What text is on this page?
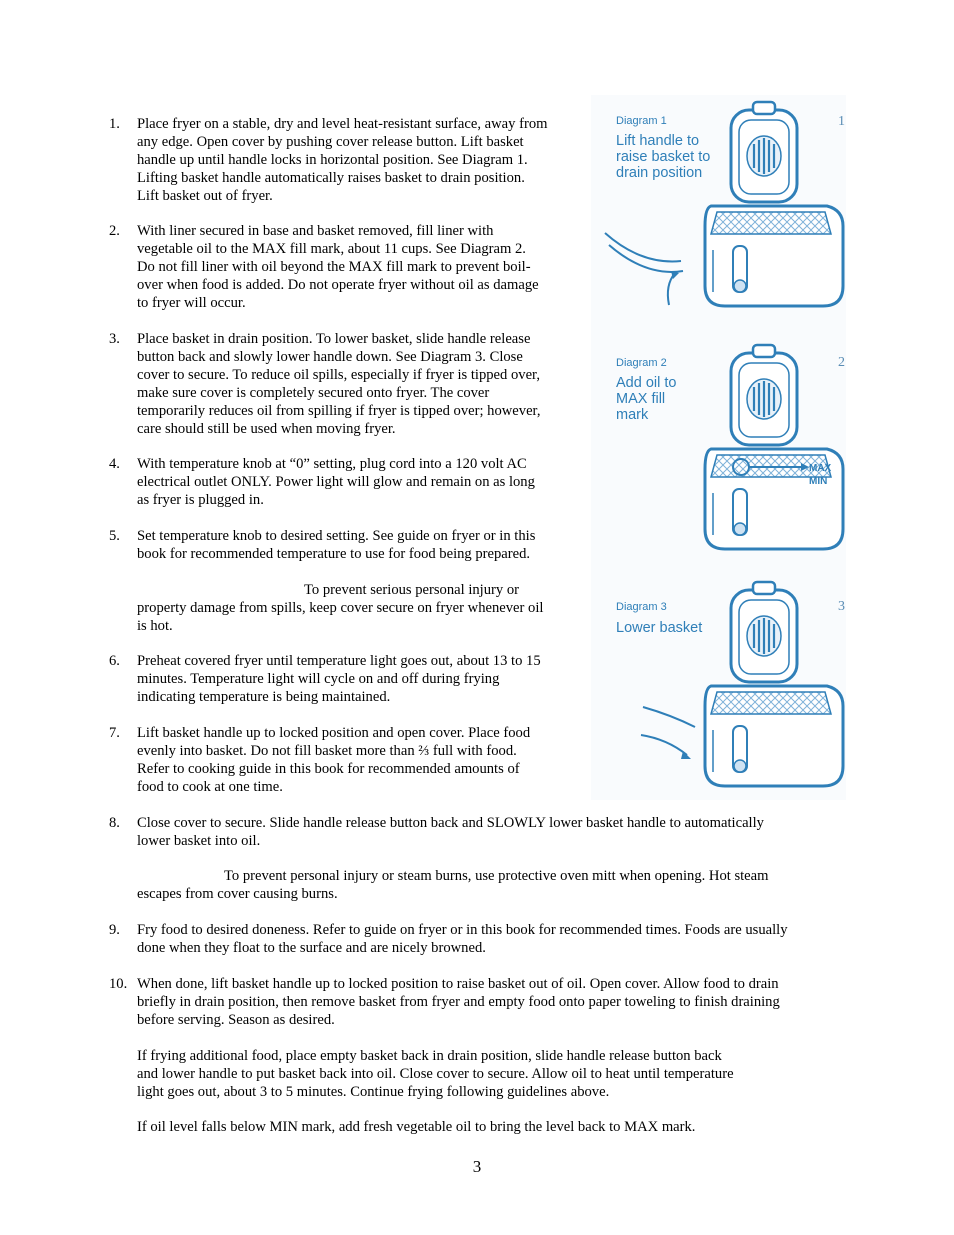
1. Place fryer on a stable, dry and level heat-resistant surface, away from
any edge. Open cover by pushing cover release button. Lift basket
handle up until handle locks in horizontal position. See Diagram 1.
Lifting basket handle automatically raises basket to drain position.
Lift basket out of fryer.
2. With liner secured in base and basket removed, fill liner with
vegetable oil to the MAX fill mark, about 11 cups. See Diagram 2.
Do not fill liner with oil beyond the MAX fill mark to prevent boil-
over when food is added. Do not operate fryer without oil as damage
to fryer will occur.
3. Place basket in drain position. To lower basket, slide handle release
button back and slowly lower handle down. See Diagram 3. Close
cover to secure. To reduce oil spills, especially if fryer is tipped over,
make sure cover is completely secured onto fryer. The cover
temporarily reduces oil from spilling if fryer is tipped over; however,
care should still be used when moving fryer.
4. With temperature knob at “0” setting, plug cord into a 120 volt AC
electrical outlet ONLY. Power light will glow and remain on as long
as fryer is plugged in.
5. Set temperature knob to desired setting. See guide on fryer or in this
book for recommended temperature to use for food being prepared.
To prevent serious personal injury or
property damage from spills, keep cover secure on fryer whenever oil
is hot.
6. Preheat covered fryer until temperature light goes out, about 13 to 15
minutes. Temperature light will cycle on and off during frying
indicating temperature is being maintained.
7. Lift basket handle up to locked position and open cover. Place food
evenly into basket. Do not fill basket more than ⅔ full with food.
Refer to cooking guide in this book for recommended amounts of
food to cook at one time.
8. Close cover to secure. Slide handle release button back and SLOWLY lower basket handle to automatically
lower basket into oil.
To prevent personal injury or steam burns, use protective oven mitt when opening. Hot steam
escapes from cover causing burns.
9. Fry food to desired doneness. Refer to guide on fryer or in this book for recommended times. Foods are usually
done when they float to the surface and are nicely browned.
10. When done, lift basket handle up to locked position to raise basket out of oil. Open cover. Allow food to drain
briefly in drain position, then remove basket from fryer and empty food onto paper toweling to finish draining
before serving. Season as desired.
If frying additional food, place empty basket back in drain position, slide handle release button back
and lower handle to put basket back into oil. Close cover to secure. Allow oil to heat until temperature
light goes out, about 3 to 5 minutes. Continue frying following guidelines above.
If oil level falls below MIN mark, add fresh vegetable oil to bring the level back to MAX mark.
Diagram 1
Lift handle to
raise basket to
drain position
1
Diagram 2
Add oil to
MAX fill
mark
2
MAX
MIN
Diagram 3
Lower basket
3
3
